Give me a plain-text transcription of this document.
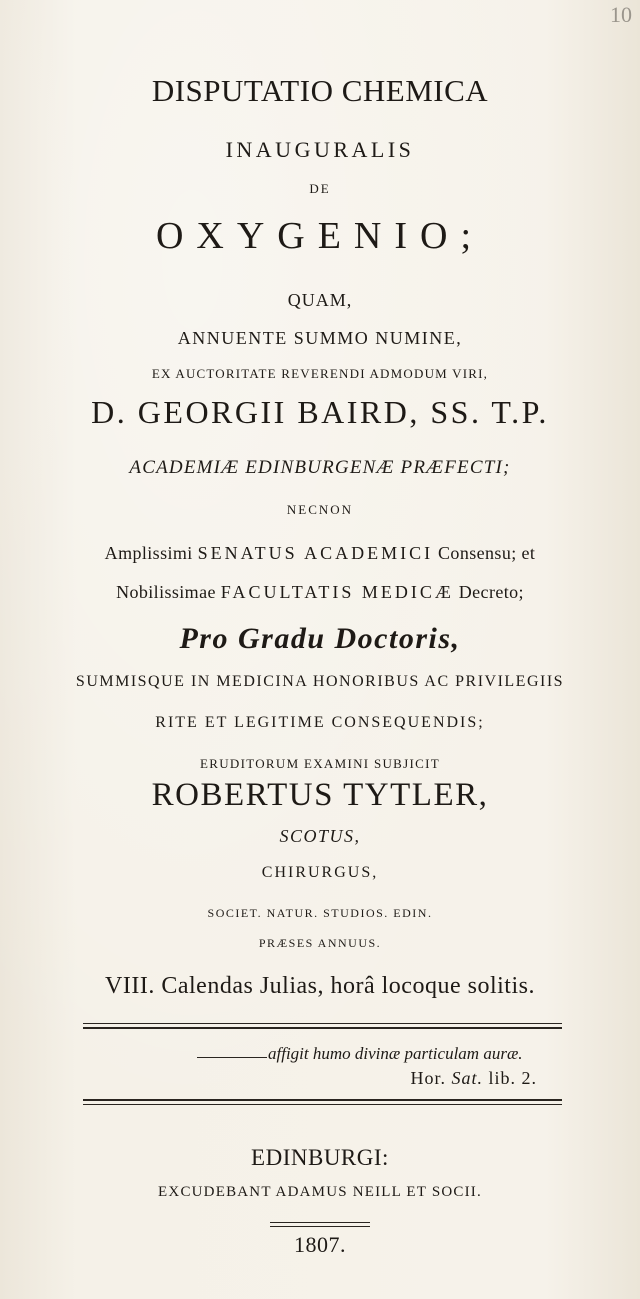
10
DISPUTATIO CHEMICA
INAUGURALIS
DE
OXYGENIO;
QUAM,
ANNUENTE SUMMO NUMINE,
EX AUCTORITATE REVERENDI ADMODUM VIRI,
D. GEORGII BAIRD, SS. T.P.
ACADEMIÆ EDINBURGENÆ PRÆFECTI;
NECNON
Amplissimi SENATUS ACADEMICI Consensu; et
Nobilissimae FACULTATIS MEDICÆ Decreto;
Pro Gradu Doctoris,
SUMMISQUE IN MEDICINA HONORIBUS AC PRIVILEGIIS
RITE ET LEGITIME CONSEQUENDIS;
ERUDITORUM EXAMINI SUBJICIT
ROBERTUS TYTLER,
SCOTUS,
CHIRURGUS,
SOCIET. NATUR. STUDIOS. EDIN.
PRÆSES ANNUUS.
VIII. Calendas Julias, horâ locoque solitis.
affigit humo divinæ particulam auræ.
Hor. Sat. lib. 2.
EDINBURGI:
EXCUDEBANT ADAMUS NEILL ET SOCII.
1807.
